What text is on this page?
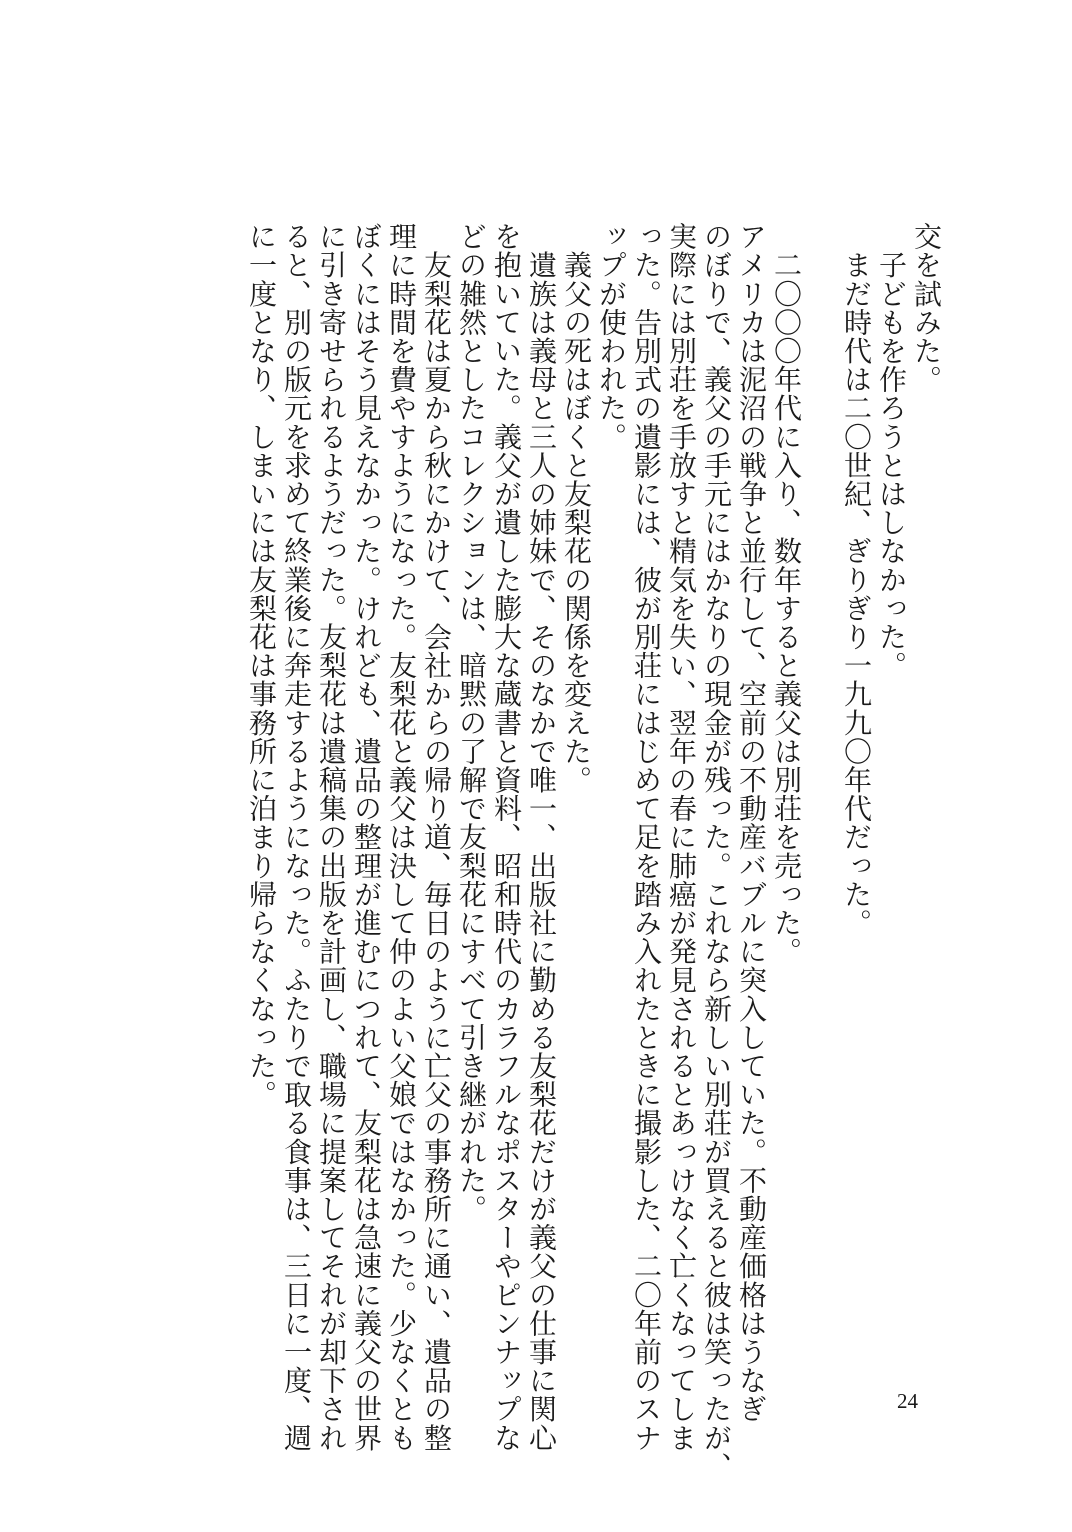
交を試みた。
　子どもを作ろうとはしなかった。
　まだ時代は二〇世紀、ぎりぎり一九九〇年代だった。
　二〇〇〇年代に入り、数年すると義父は別荘を売った。
アメリカは泥沼の戦争と並行して、空前の不動産バブルに突入していた。不動産価格はうなぎ
のぼりで、義父の手元にはかなりの現金が残った。これなら新しい別荘が買えると彼は笑ったが、
実際には別荘を手放すと精気を失い、翌年の春に肺癌が発見されるとあっけなく亡くなってしま
った。告別式の遺影には、彼が別荘にはじめて足を踏み入れたときに撮影した、二〇年前のスナ
ップが使われた。
　義父の死はぼくと友梨花の関係を変えた。
　遺族は義母と三人の姉妹で、そのなかで唯一、出版社に勤める友梨花だけが義父の仕事に関心
を抱いていた。義父が遺した膨大な蔵書と資料、昭和時代のカラフルなポスターやピンナップな
どの雑然としたコレクションは、暗黙の了解で友梨花にすべて引き継がれた。
　友梨花は夏から秋にかけて、会社からの帰り道、毎日のように亡父の事務所に通い、遺品の整
理に時間を費やすようになった。友梨花と義父は決して仲のよい父娘ではなかった。少なくとも
ぼくにはそう見えなかった。けれども、遺品の整理が進むにつれて、友梨花は急速に義父の世界
に引き寄せられるようだった。友梨花は遺稿集の出版を計画し、職場に提案してそれが却下され
ると、別の版元を求めて終業後に奔走するようになった。ふたりで取る食事は、三日に一度、週
に一度となり、しまいには友梨花は事務所に泊まり帰らなくなった。
24
